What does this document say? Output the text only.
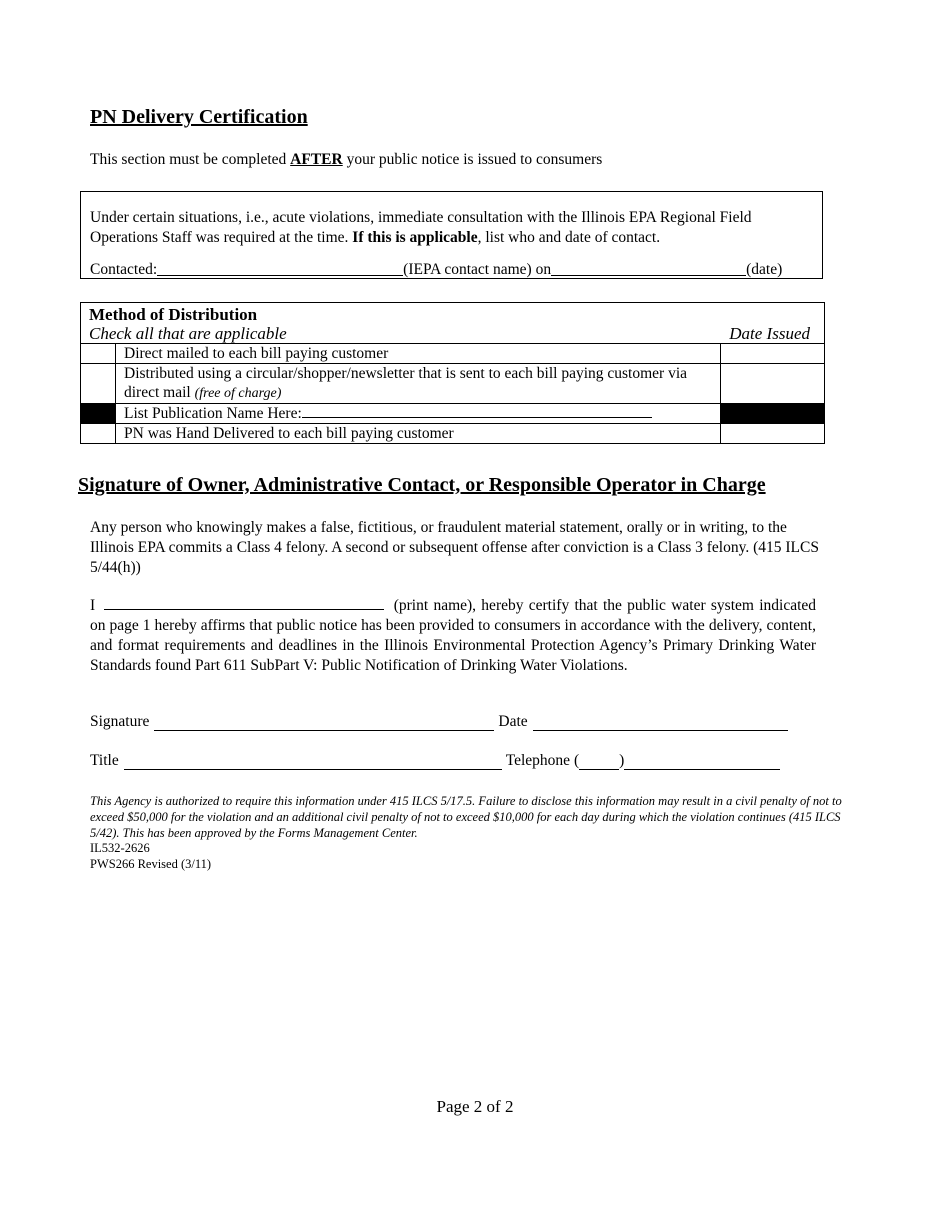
PN Delivery Certification
This section must be completed AFTER your public notice is issued to consumers
Under certain situations, i.e., acute violations, immediate consultation with the Illinois EPA Regional Field Operations Staff was required at the time. If this is applicable, list who and date of contact.
Contacted:	(IEPA contact name) on	(date)
Method of Distribution		
Check all that are applicable Date Issued		

	Direct mailed to each bill paying customer	
	Distributed using a circular/shopper/newsletter that is sent to each bill paying customer via direct mail (free of charge)	
	List Publication Name Here:	
	PN was Hand Delivered to each bill paying customer	
Signature of Owner, Administrative Contact, or Responsible Operator in Charge
Any person who knowingly makes a false, fictitious, or fraudulent material statement, orally or in writing, to the Illinois EPA commits a Class 4 felony. A second or subsequent offense after conviction is a Class 3 felony. (415 ILCS 5/44(h))
I	(print name), hereby certify that the public water system indicated on page 1 hereby affirms that public notice has been provided to consumers in accordance with the delivery, content, and format requirements and deadlines in the Illinois Environmental Protection Agency’s Primary Drinking Water Standards found Part 611 SubPart V: Public Notification of Drinking Water Violations.
Signature	Date
Title	Telephone (	)
This Agency is authorized to require this information under 415 ILCS 5/17.5. Failure to disclose this information may result in a civil penalty of not to exceed $50,000 for the violation and an additional civil penalty of not to exceed $10,000 for each day during which the violation continues (415 ILCS 5/42). This has been approved by the Forms Management Center.
IL532-2626
PWS266 Revised (3/11)
Page 2 of 2
